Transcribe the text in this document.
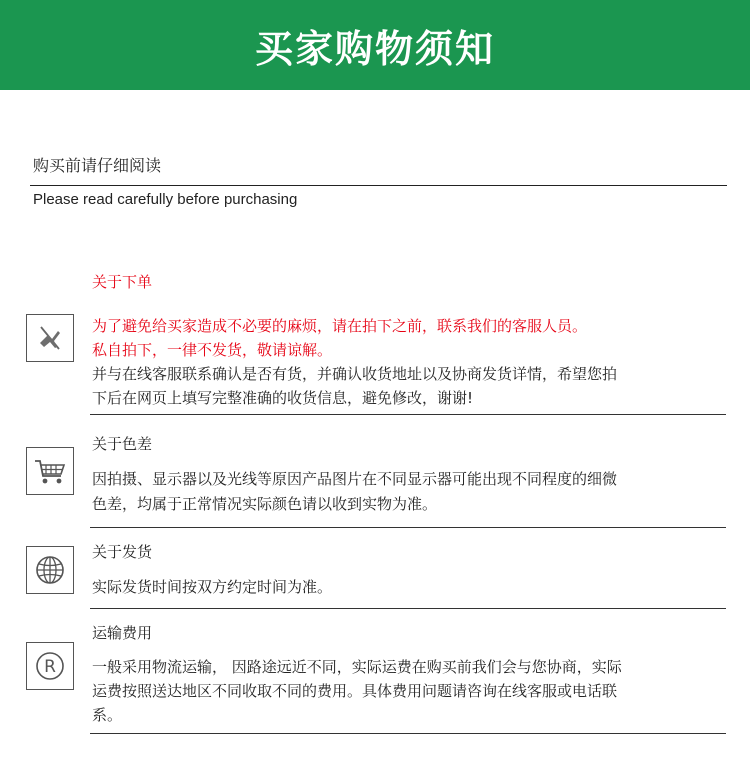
买家购物须知
购买前请仔细阅读
Please read carefully before purchasing
关于下单
为了避免给买家造成不必要的麻烦，请在拍下之前，联系我们的客服人员。
私自拍下，一律不发货，敬请谅解。
并与在线客服联系确认是否有货，并确认收货地址以及协商发货详情，希望您拍
下后在网页上填写完整准确的收货信息，避免修改，谢谢!
关于色差
因拍摄、显示器以及光线等原因产品图片在不同显示器可能出现不同程度的细微
色差，均属于正常情况实际颜色请以收到实物为准。
关于发货
实际发货时间按双方约定时间为准。
运输费用
R 一般采用物流运输， 因路途远近不同，实际运费在购买前我们会与您协商，实际
运费按照送达地区不同收取不同的费用。具体费用问题请咨询在线客服或电话联
系。
